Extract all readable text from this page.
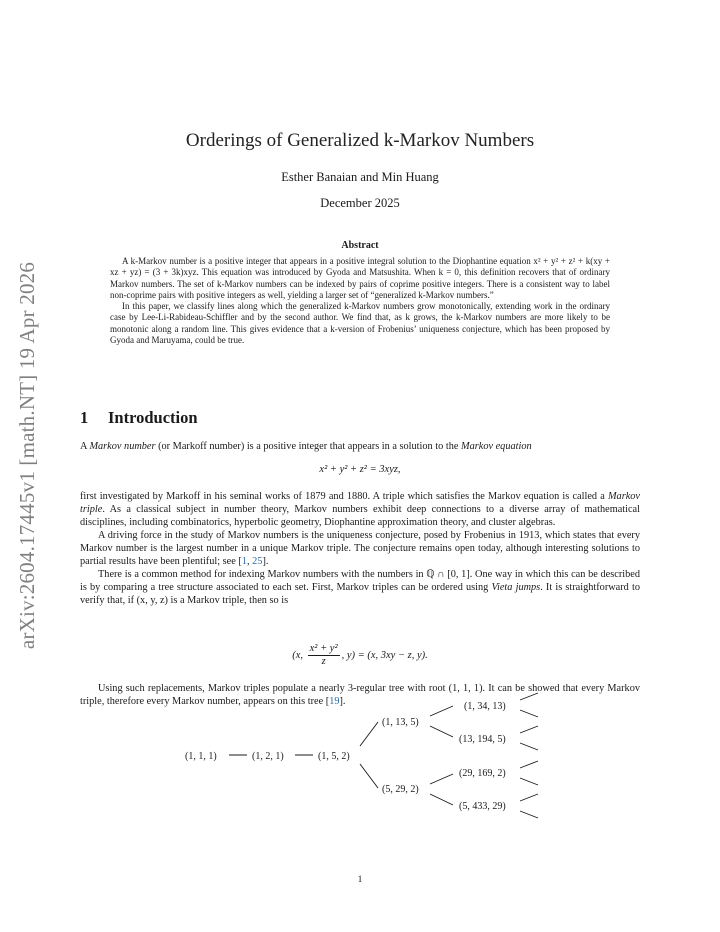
arXiv:2604.17445v1 [math.NT] 19 Apr 2026
Orderings of Generalized k-Markov Numbers
Esther Banaian and Min Huang
December 2025
Abstract

A k-Markov number is a positive integer that appears in a positive integral solution to the Diophantine equation x² + y² + z² + k(xy + xz + yz) = (3 + 3k)xyz. This equation was introduced by Gyoda and Matsushita. When k = 0, this definition recovers that of ordinary Markov numbers. The set of k-Markov numbers can be indexed by pairs of coprime positive integers. There is a consistent way to label non-coprime pairs with positive integers as well, yielding a larger set of “generalized k-Markov numbers.”

In this paper, we classify lines along which the generalized k-Markov numbers grow monotonically, extending work in the ordinary case by Lee-Li-Rabideau-Schiffler and by the second author. We find that, as k grows, the k-Markov numbers are more likely to be monotonic along a random line. This gives evidence that a k-version of Frobenius’ uniqueness conjecture, which has been proposed by Gyoda and Maruyama, could be true.

1 Introduction

A Markov number (or Markoff number) is a positive integer that appears in a solution to the Markov equation

x² + y² + z² = 3xyz,

first investigated by Markoff in his seminal works of 1879 and 1880. A triple which satisfies the Markov equation is called a Markov triple. As a classical subject in number theory, Markov numbers exhibit deep connections to a diverse array of mathematical disciplines, including combinatorics, hyperbolic geometry, Diophantine approximation theory, and cluster algebras.

A driving force in the study of Markov numbers is the uniqueness conjecture, posed by Frobenius in 1913, which states that every Markov number is the largest number in a unique Markov triple. The conjecture remains open today, although interesting solutions to partial results have been plentiful; see [1, 25].

There is a common method for indexing Markov numbers with the numbers in ℚ ∩ [0, 1]. One way in which this can be described is by comparing a tree structure associated to each set. First, Markov triples can be ordered using Vieta jumps. It is straightforward to verify that, if (x, y, z) is a Markov triple, then so is

(x, $\frac{\text{x² + y²}}{z}$ , y) = (x, 3xy − z, y).

Using such replacements, Markov triples populate a nearly 3-regular tree with root (1, 1, 1). It can be showed that every Markov triple, therefore every Markov number, appears on this tree [19].

(1, 1, 1)	(1, 2, 1)	(1, 5, 2)
(1, 13, 5)
(5, 29, 2)
(1, 34, 13)
(13, 194, 5)
(29, 169, 2)
(5, 433, 29)
1
